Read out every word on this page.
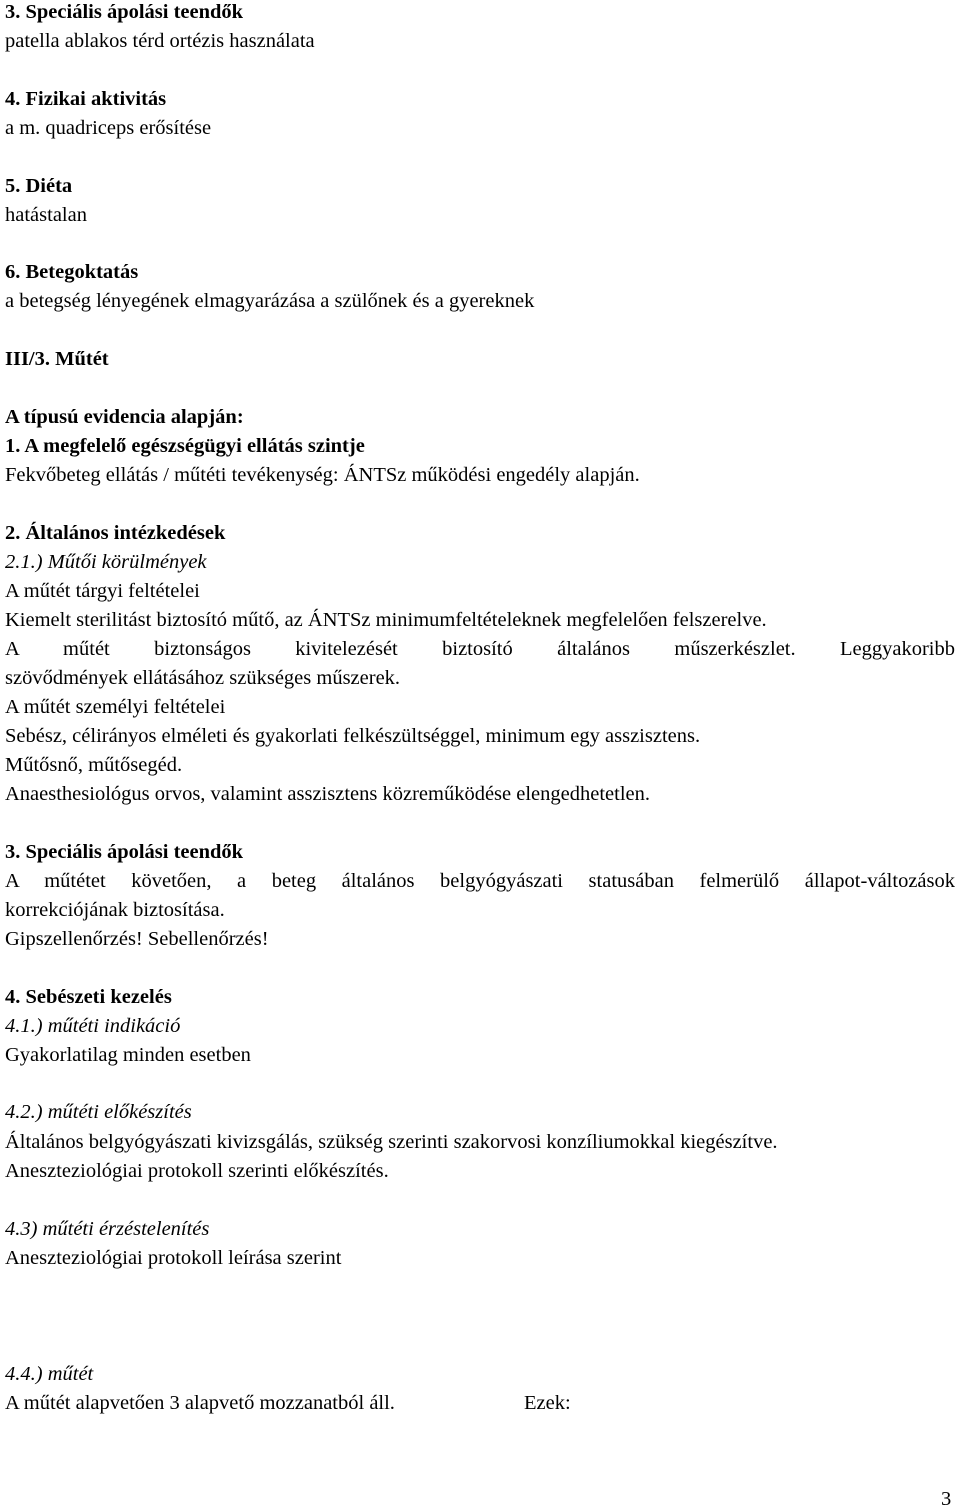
3. Speciális ápolási teendők

patella ablakos térd ortézis használata

4. Fizikai aktivitás

a m. quadriceps erősítése

5. Diéta

hatástalan

6. Betegoktatás

a betegség lényegének elmagyarázása a szülőnek és a gyereknek

III/3. Műtét

A típusú evidencia alapján:

1. A megfelelő egészségügyi ellátás szintje

Fekvőbeteg ellátás / műtéti tevékenység: ÁNTSz működési engedély alapján.

2. Általános intézkedések

2.1.) Műtői körülmények

A műtét tárgyi feltételei

Kiemelt sterilitást biztosító műtő, az ÁNTSz minimumfeltételeknek megfelelően felszerelve.

A műtét biztonságos kivitelezését biztosító általános műszerkészlet. Leggyakoribb

szövődmények ellátásához szükséges műszerek.

A műtét személyi feltételei

Sebész, célirányos elméleti és gyakorlati felkészültséggel, minimum egy asszisztens.

Műtősnő, műtősegéd.

Anaesthesiológus orvos, valamint asszisztens közreműködése elengedhetetlen.

3. Speciális ápolási teendők

A műtétet követően, a beteg általános belgyógyászati statusában felmerülő állapot-változások

korrekciójának biztosítása.

Gipszellenőrzés! Sebellenőrzés!

4. Sebészeti kezelés

4.1.) műtéti indikáció

Gyakorlatilag minden esetben

4.2.) műtéti előkészítés

Általános belgyógyászati kivizsgálás, szükség szerinti szakorvosi konzíliumokkal kiegészítve.

Aneszteziológiai protokoll szerinti előkészítés.

4.3) műtéti érzéstelenítés

Aneszteziológiai protokoll leírása szerint

4.4.) műtét

A műtét alapvetően 3 alapvető mozzanatból áll.	Ezek:

3
